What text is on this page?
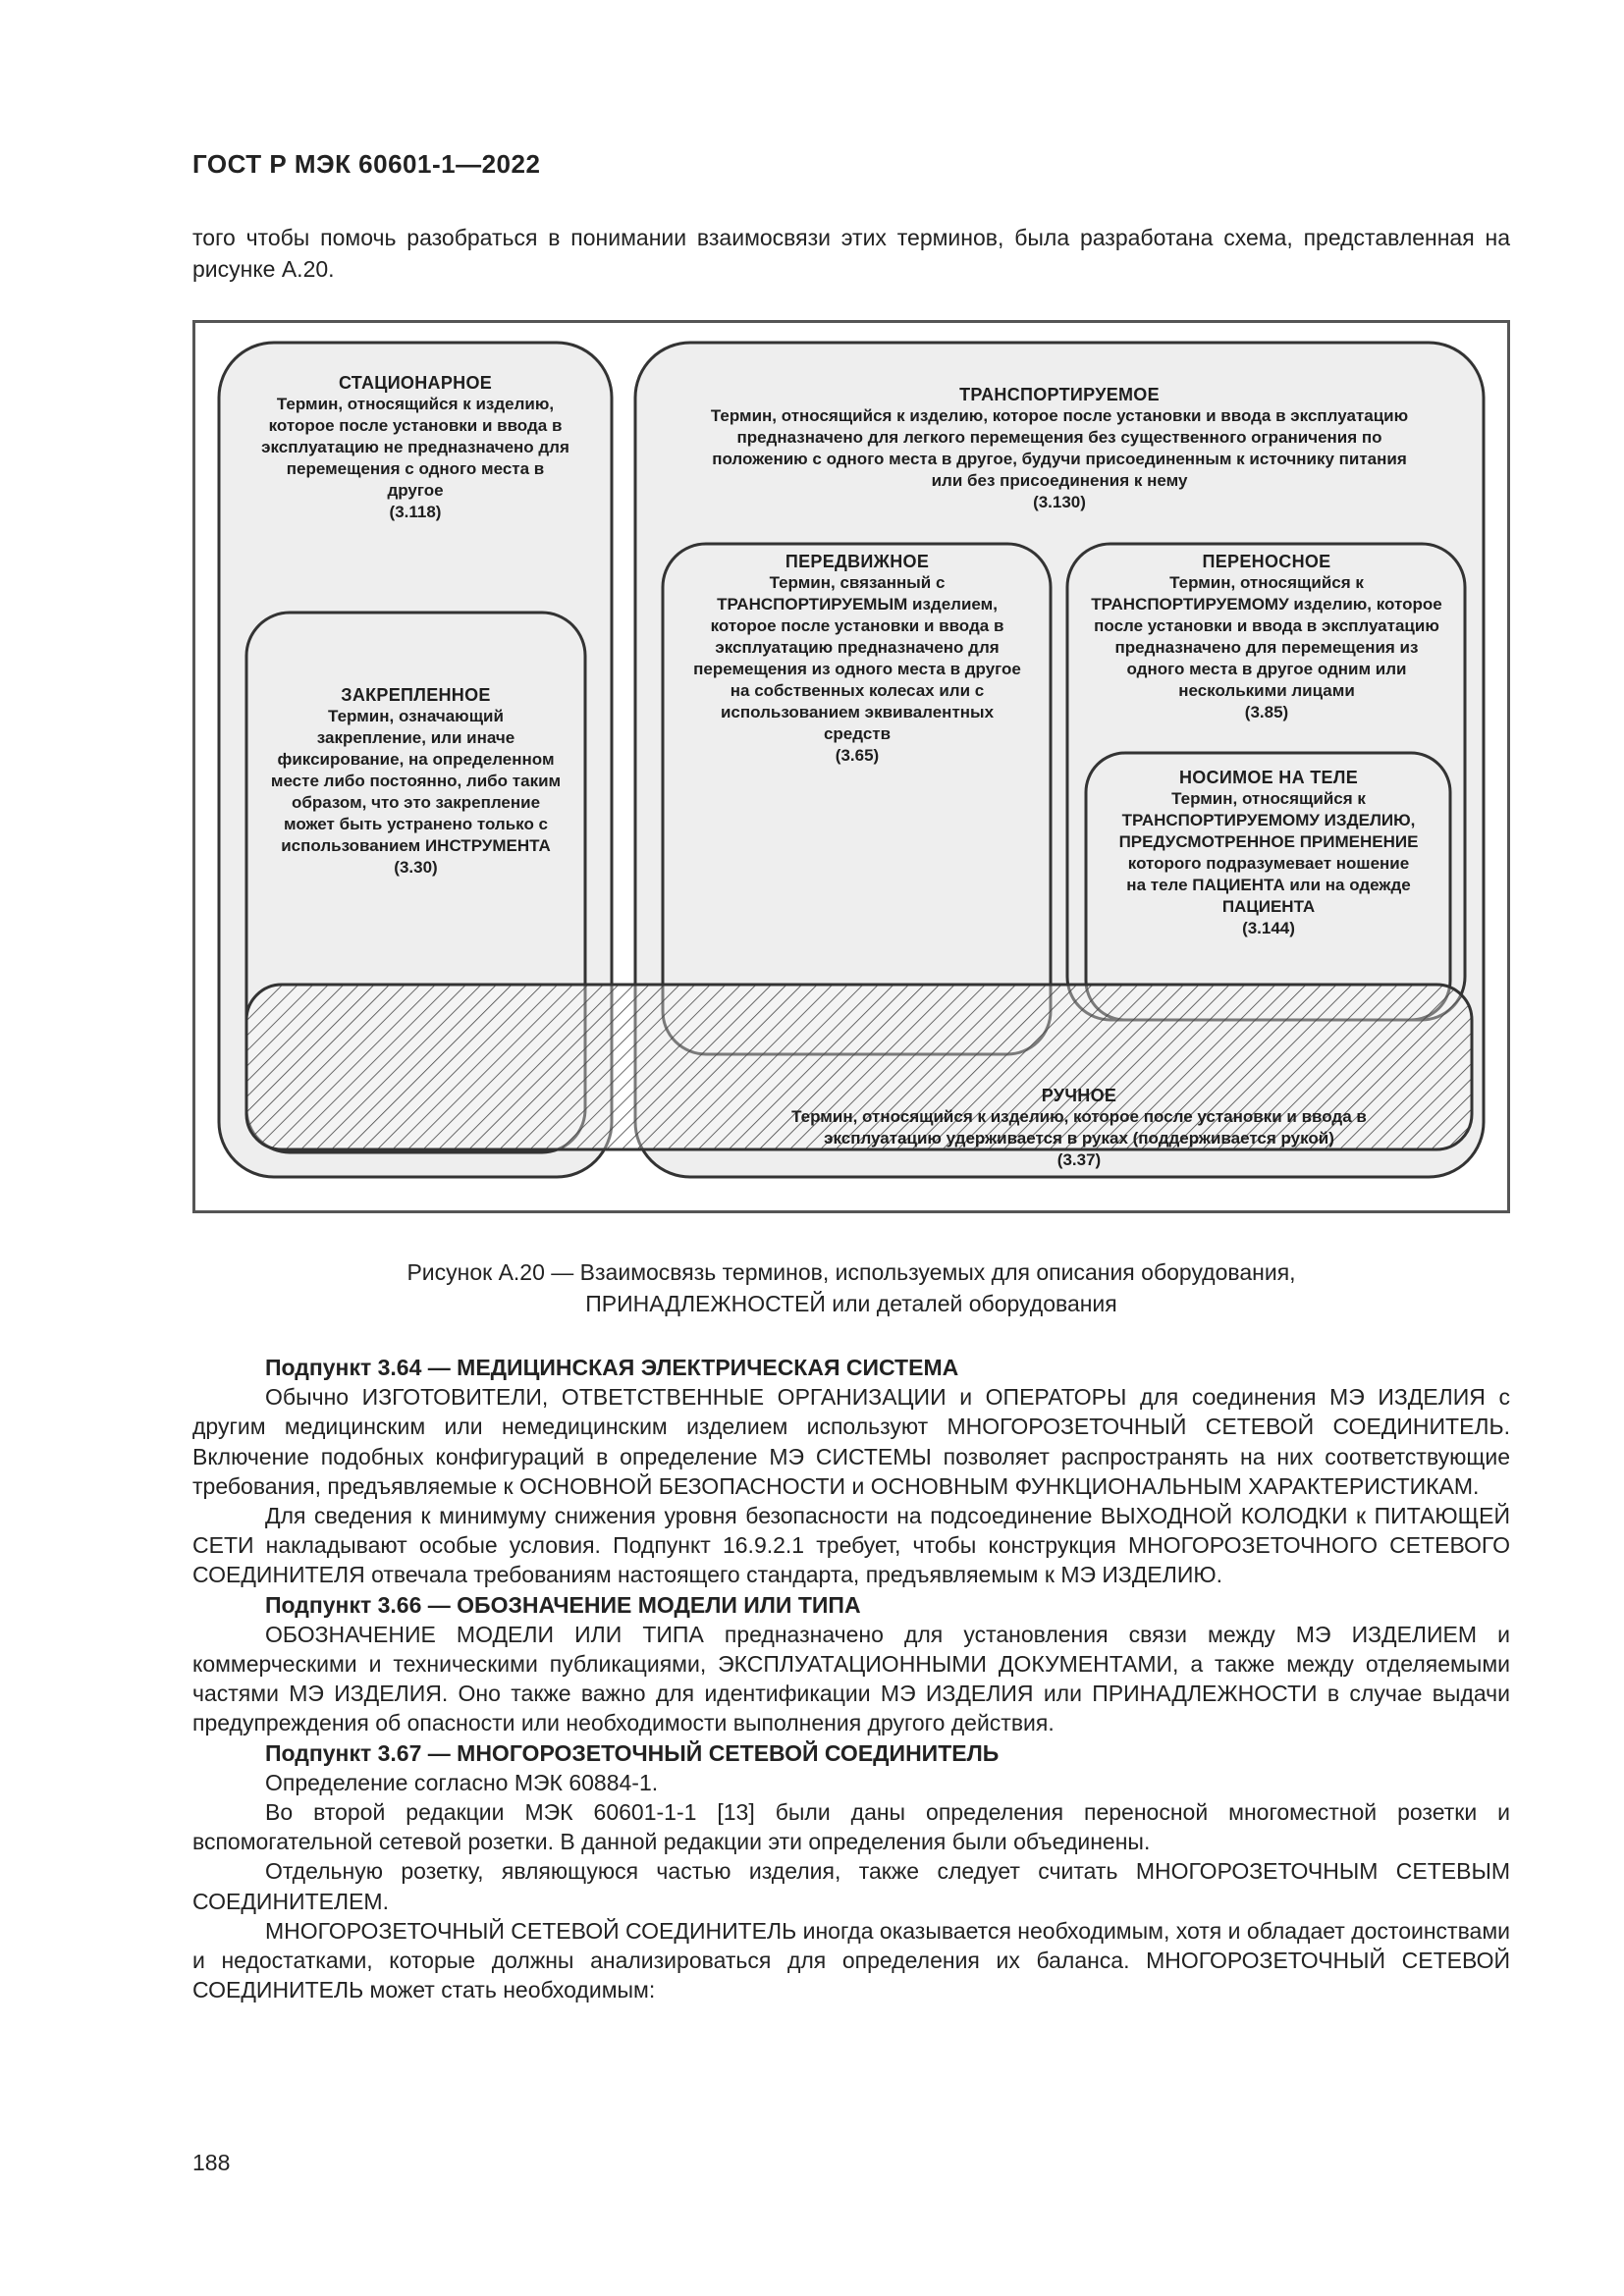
ГОСТ Р МЭК 60601-1—2022

того чтобы помочь разобраться в понимании взаимосвязи этих терминов, была разработана схема, представленная на рисунке А.20.

СТАЦИОНАРНОЕ
Термин, относящийся к изделию,
которое после установки и ввода в
эксплуатацию не предназначено для
перемещения с одного места в
другое
(3.118)
ЗАКРЕПЛЕННОЕ
Термин, означающий
закрепление, или иначе
фиксирование, на определенном
месте либо постоянно, либо таким
образом, что это закрепление
может быть устранено только с
использованием ИНСТРУМЕНТА
(3.30)
ТРАНСПОРТИРУЕМОЕ
Термин, относящийся к изделию, которое после установки и ввода в эксплуатацию
предназначено для легкого перемещения без существенного ограничения по
положению с одного места в другое, будучи присоединенным к источнику питания
или без присоединения к нему
(3.130)
ПЕРЕДВИЖНОЕ
Термин, связанный с
ТРАНСПОРТИРУЕМЫМ изделием,
которое после установки и ввода в
эксплуатацию предназначено для
перемещения из одного места в другое
на собственных колесах или с
использованием эквивалентных
средств
(3.65)
ПЕРЕНОСНОЕ
Термин, относящийся к
ТРАНСПОРТИРУЕМОМУ изделию, которое
после установки и ввода в эксплуатацию
предназначено для перемещения из
одного места в другое одним или
несколькими лицами
(3.85)
НОСИМОЕ НА ТЕЛЕ
Термин, относящийся к
ТРАНСПОРТИРУЕМОМУ ИЗДЕЛИЮ,
ПРЕДУСМОТРЕННОЕ ПРИМЕНЕНИЕ
которого подразумевает ношение
на теле ПАЦИЕНТА или на одежде
ПАЦИЕНТА
(3.144)
РУЧНОЕ
Термин, относящийся к изделию, которое после установки и ввода в
эксплуатацию удерживается в руках (поддерживается рукой)
(3.37)

Рисунок А.20 — Взаимосвязь терминов, используемых для описания оборудования,
ПРИНАДЛЕЖНОСТЕЙ или деталей оборудования

Подпункт 3.64 — МЕДИЦИНСКАЯ ЭЛЕКТРИЧЕСКАЯ СИСТЕМА

Обычно ИЗГОТОВИТЕЛИ, ОТВЕТСТВЕННЫЕ ОРГАНИЗАЦИИ и ОПЕРАТОРЫ для соединения МЭ ИЗДЕЛИЯ с другим медицинским или немедицинским изделием используют МНОГОРОЗЕТОЧНЫЙ СЕТЕВОЙ СОЕДИНИТЕЛЬ. Включение подобных конфигураций в определение МЭ СИСТЕМЫ позволяет распространять на них соответствующие требования, предъявляемые к ОСНОВНОЙ БЕЗОПАСНОСТИ и ОСНОВНЫМ ФУНКЦИОНАЛЬНЫМ ХАРАКТЕРИСТИКАМ.

Для сведения к минимуму снижения уровня безопасности на подсоединение ВЫХОДНОЙ КОЛОДКИ к ПИТАЮЩЕЙ СЕТИ накладывают особые условия. Подпункт 16.9.2.1 требует, чтобы конструкция МНОГОРОЗЕТОЧНОГО СЕТЕВОГО СОЕДИНИТЕЛЯ отвечала требованиям настоящего стандарта, предъявляемым к МЭ ИЗДЕЛИЮ.

Подпункт 3.66 — ОБОЗНАЧЕНИЕ МОДЕЛИ ИЛИ ТИПА

ОБОЗНАЧЕНИЕ МОДЕЛИ ИЛИ ТИПА предназначено для установления связи между МЭ ИЗДЕЛИЕМ и коммерческими и техническими публикациями, ЭКСПЛУАТАЦИОННЫМИ ДОКУМЕНТАМИ, а также между отделяемыми частями МЭ ИЗДЕЛИЯ. Оно также важно для идентификации МЭ ИЗДЕЛИЯ или ПРИНАДЛЕЖНОСТИ в случае выдачи предупреждения об опасности или необходимости выполнения другого действия.

Подпункт 3.67 — МНОГОРОЗЕТОЧНЫЙ СЕТЕВОЙ СОЕДИНИТЕЛЬ

Определение согласно МЭК 60884-1.

Во второй редакции МЭК 60601-1-1 [13] были даны определения переносной многоместной розетки и вспомогательной сетевой розетки. В данной редакции эти определения были объединены.

Отдельную розетку, являющуюся частью изделия, также следует считать МНОГОРОЗЕТОЧНЫМ СЕТЕВЫМ СОЕДИНИТЕЛЕМ.

МНОГОРОЗЕТОЧНЫЙ СЕТЕВОЙ СОЕДИНИТЕЛЬ иногда оказывается необходимым, хотя и обладает достоинствами и недостатками, которые должны анализироваться для определения их баланса. МНОГОРОЗЕТОЧНЫЙ СЕТЕВОЙ СОЕДИНИТЕЛЬ может стать необходимым:

188
